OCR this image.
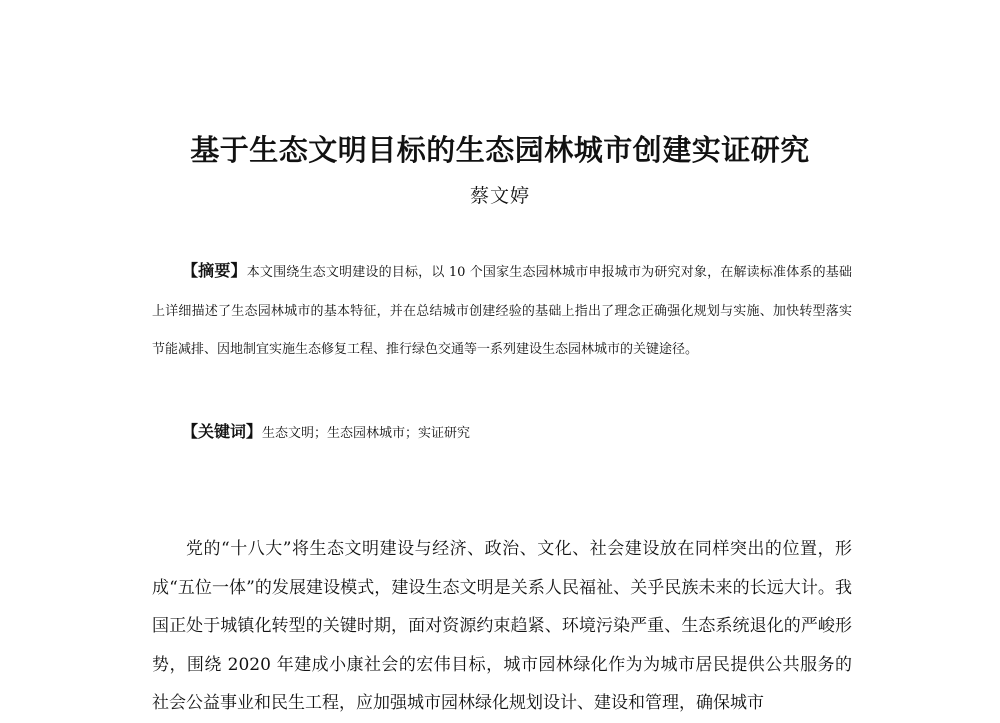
基于生态文明目标的生态园林城市创建实证研究
蔡文婷
【摘要】本文围绕生态文明建设的目标，以 10 个国家生态园林城市申报城市为研究对象，在解读标准体系的基础上详细描述了生态园林城市的基本特征，并在总结城市创建经验的基础上指出了理念正确强化规划与实施、加快转型落实节能减排、因地制宜实施生态修复工程、推行绿色交通等一系列建设生态园林城市的关键途径。
【关键词】生态文明；生态园林城市；实证研究

党的“十八大”将生态文明建设与经济、政治、文化、社会建设放在同样突出的位置，形成“五位一体”的发展建设模式，建设生态文明是关系人民福祉、关乎民族未来的长远大计。我国正处于城镇化转型的关键时期，面对资源约束趋紧、环境污染严重、生态系统退化的严峻形势，围绕 2020 年建成小康社会的宏伟目标，城市园林绿化作为为城市居民提供公共服务的社会公益事业和民生工程，应加强城市园林绿化规划设计、建设和管理，确保城市
